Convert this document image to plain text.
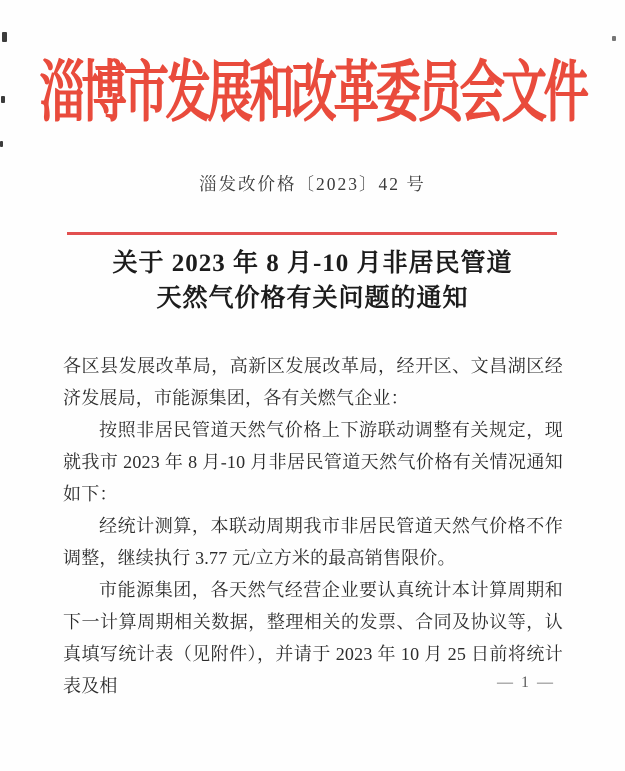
淄博市发展和改革委员会文件
淄发改价格〔2023〕42 号
关于 2023 年 8 月-10 月非居民管道
天然气价格有关问题的通知

各区县发展改革局，高新区发展改革局，经开区、文昌湖区经济发展局，市能源集团，各有关燃气企业：

按照非居民管道天然气价格上下游联动调整有关规定，现就我市 2023 年 8 月-10 月非居民管道天然气价格有关情况通知如下：

经统计测算，本联动周期我市非居民管道天然气价格不作调整，继续执行 3.77 元/立方米的最高销售限价。

市能源集团，各天然气经营企业要认真统计本计算周期和下一计算周期相关数据，整理相关的发票、合同及协议等，认真填写统计表（见附件），并请于 2023 年 10 月 25 日前将统计表及相	— 1 —
